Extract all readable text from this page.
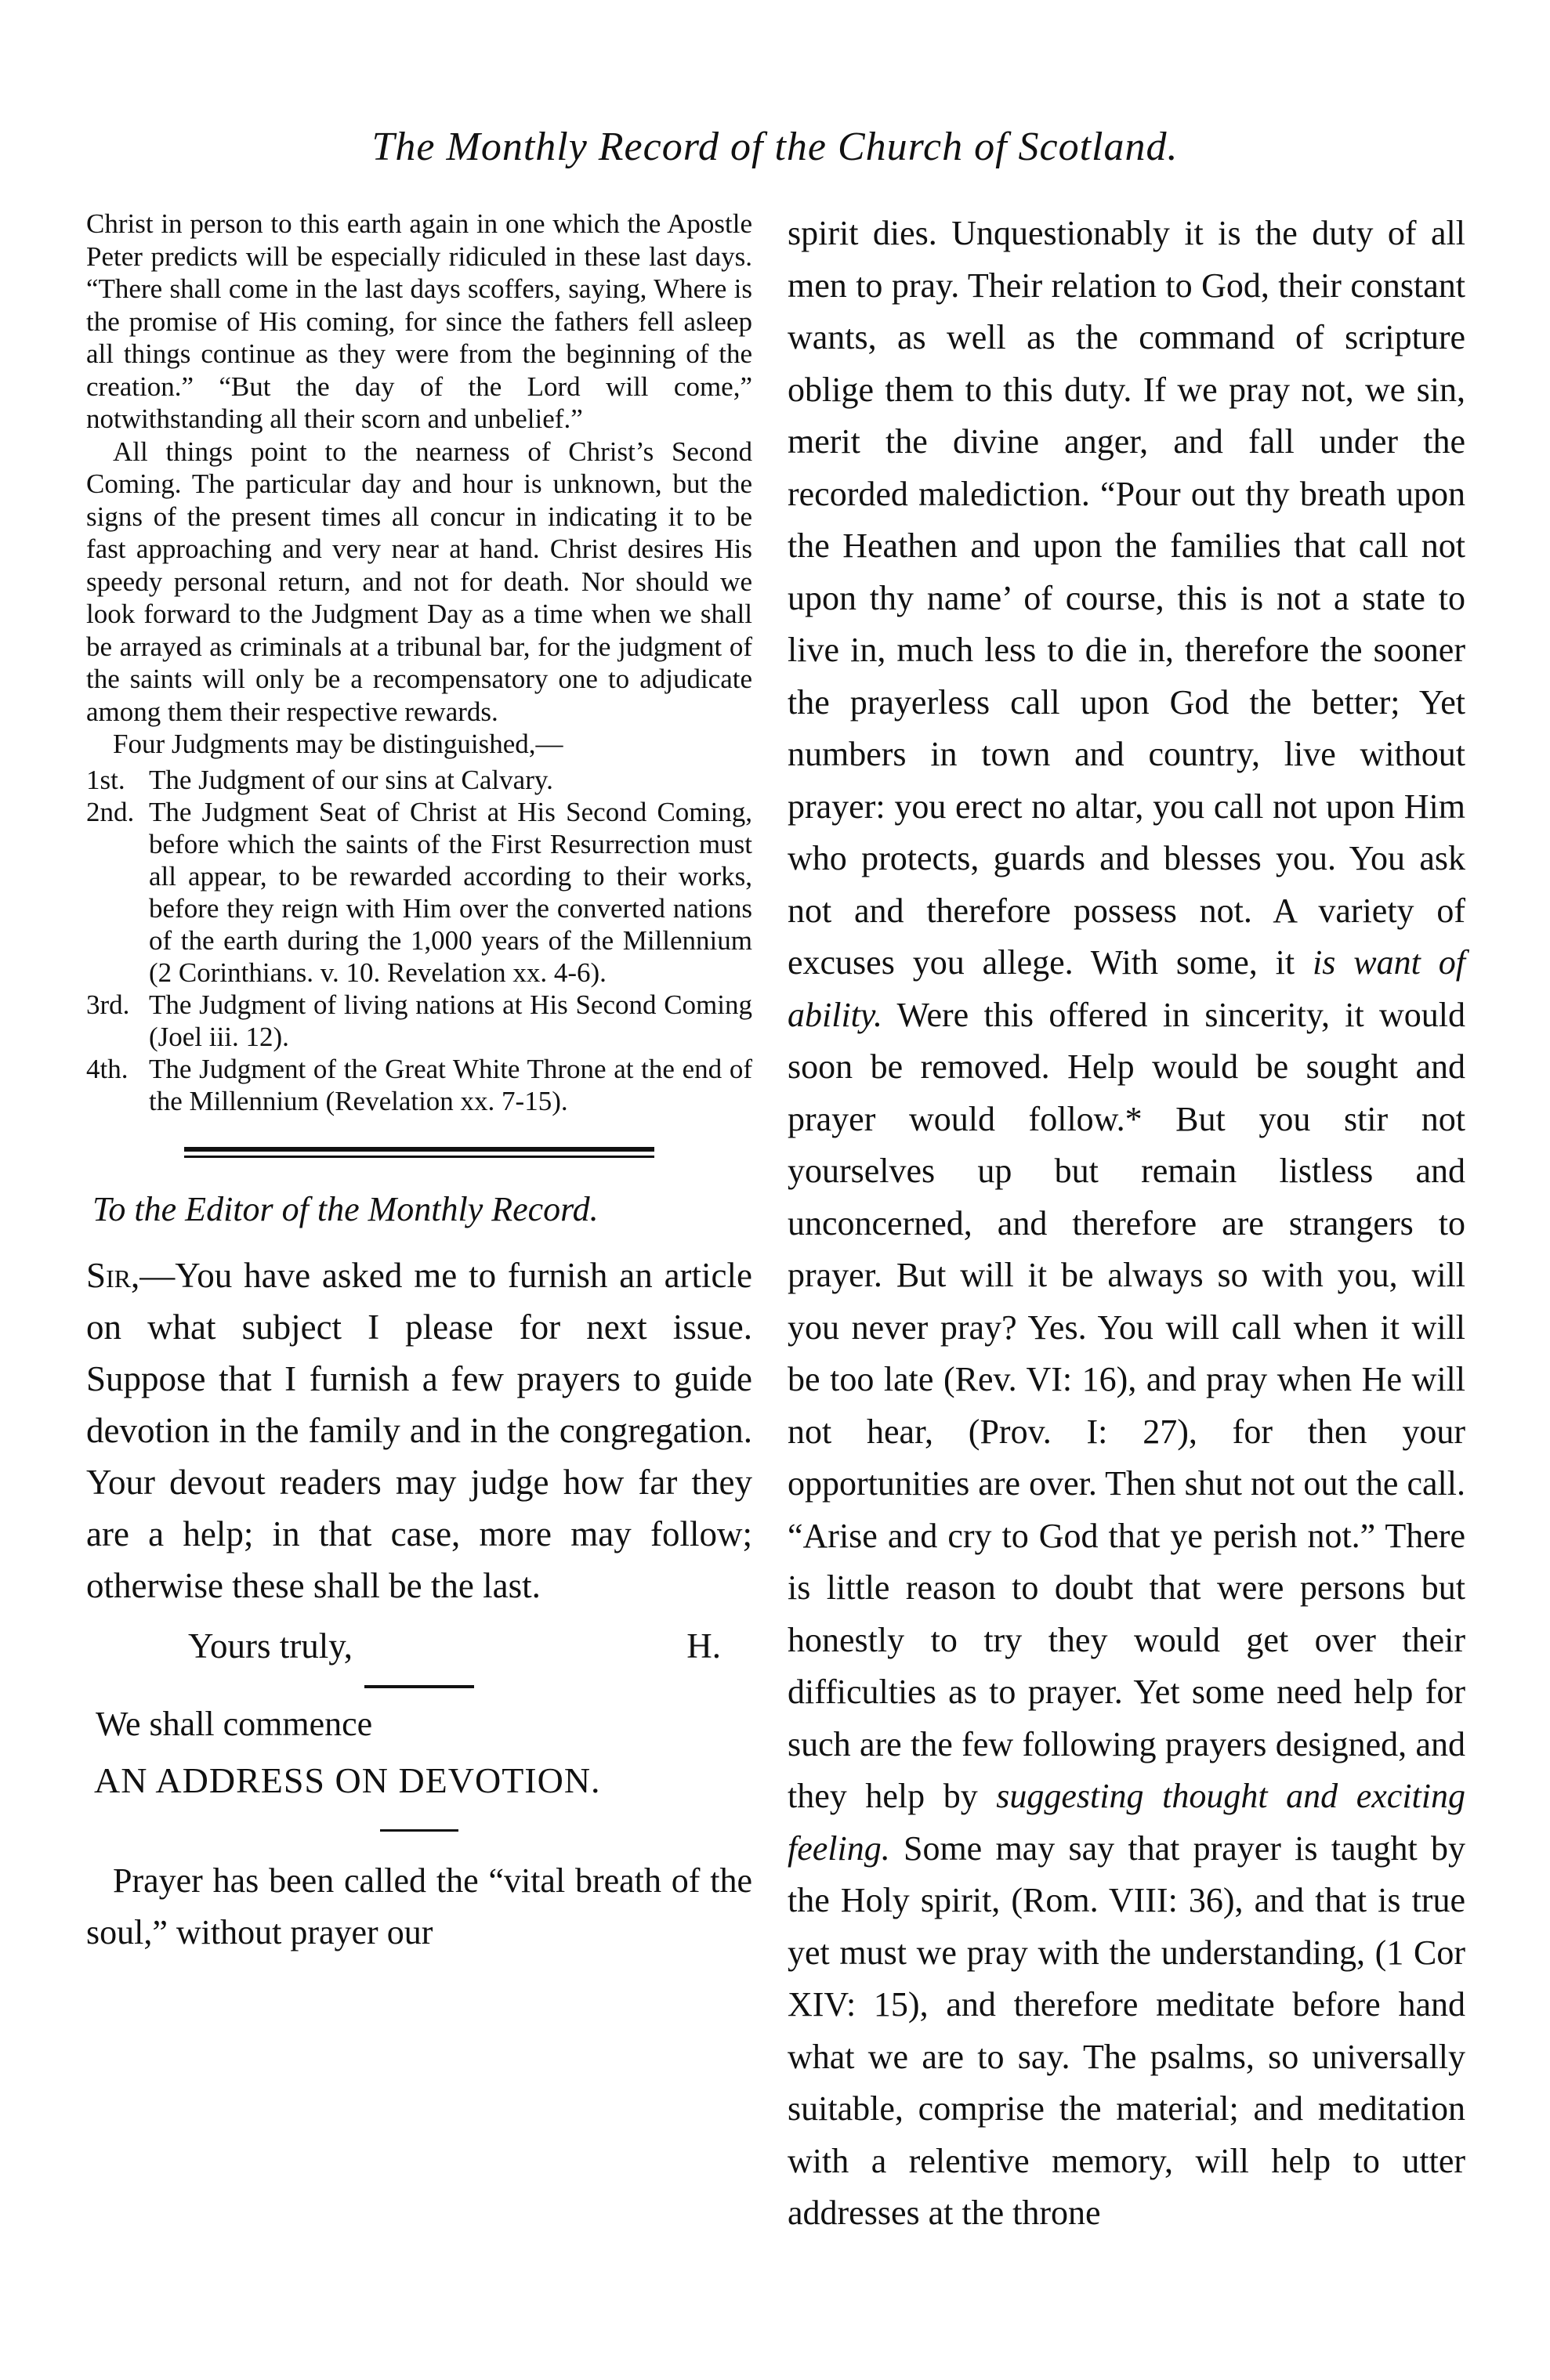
The Monthly Record of the Church of Scotland.

Christ in person to this earth again in one which the Apostle Peter predicts will be especially ridiculed in these last days. “There shall come in the last days scoffers, saying, Where is the promise of His coming, for since the fathers fell asleep all things continue as they were from the beginning of the creation.” “But the day of the Lord will come,” notwithstanding all their scorn and unbelief.”

All things point to the nearness of Christ’s Second Coming. The particular day and hour is unknown, but the signs of the present times all concur in indicating it to be fast approaching and very near at hand. Christ desires His speedy personal return, and not for death. Nor should we look forward to the Judgment Day as a time when we shall be arrayed as criminals at a tribunal bar, for the judgment of the saints will only be a recompensatory one to adjudicate among them their respective rewards.

Four Judgments may be distinguished,—

1st. The Judgment of our sins at Calvary.
2nd. The Judgment Seat of Christ at His Second Coming, before which the saints of the First Resurrection must all appear, to be rewarded according to their works, before they reign with Him over the converted nations of the earth during the 1,000 years of the Millennium (2 Corinthians. v. 10. Revelation xx. 4-6).
3rd. The Judgment of living nations at His Second Coming (Joel iii. 12).
4th. The Judgment of the Great White Throne at the end of the Millennium (Revelation xx. 7-15).
To the Editor of the Monthly Record.

Sir,—You have asked me to furnish an article on what subject I please for next issue. Suppose that I furnish a few prayers to guide devotion in the family and in the congregation. Your devout readers may judge how far they are a help; in that case, more may follow; otherwise these shall be the last.

Yours truly,	H.
We shall commence
AN ADDRESS ON DEVOTION.

Prayer has been called the “vital breath of the soul,” without prayer our

spirit dies. Unquestionably it is the duty of all men to pray. Their relation to God, their constant wants, as well as the command of scripture oblige them to this duty. If we pray not, we sin, merit the divine anger, and fall under the recorded malediction. “Pour out thy breath upon the Heathen and upon the families that call not upon thy name’ of course, this is not a state to live in, much less to die in, therefore the sooner the prayerless call upon God the better; Yet numbers in town and country, live without prayer: you erect no altar, you call not upon Him who protects, guards and blesses you. You ask not and therefore possess not. A variety of excuses you allege. With some, it is want of ability. Were this offered in sincerity, it would soon be removed. Help would be sought and prayer would follow.* But you stir not yourselves up but remain listless and unconcerned, and therefore are strangers to prayer. But will it be always so with you, will you never pray? Yes. You will call when it will be too late (Rev. VI: 16), and pray when He will not hear, (Prov. I: 27), for then your opportunities are over. Then shut not out the call. “Arise and cry to God that ye perish not.” There is little reason to doubt that were persons but honestly to try they would get over their difficulties as to prayer. Yet some need help for such are the few following prayers designed, and they help by suggesting thought and exciting feeling. Some may say that prayer is taught by the Holy spirit, (Rom. VIII: 36), and that is true yet must we pray with the understanding, (1 Cor XIV: 15), and therefore meditate before hand what we are to say. The psalms, so universally suitable, comprise the material; and meditation with a relentive memory, will help to utter addresses at the throne
